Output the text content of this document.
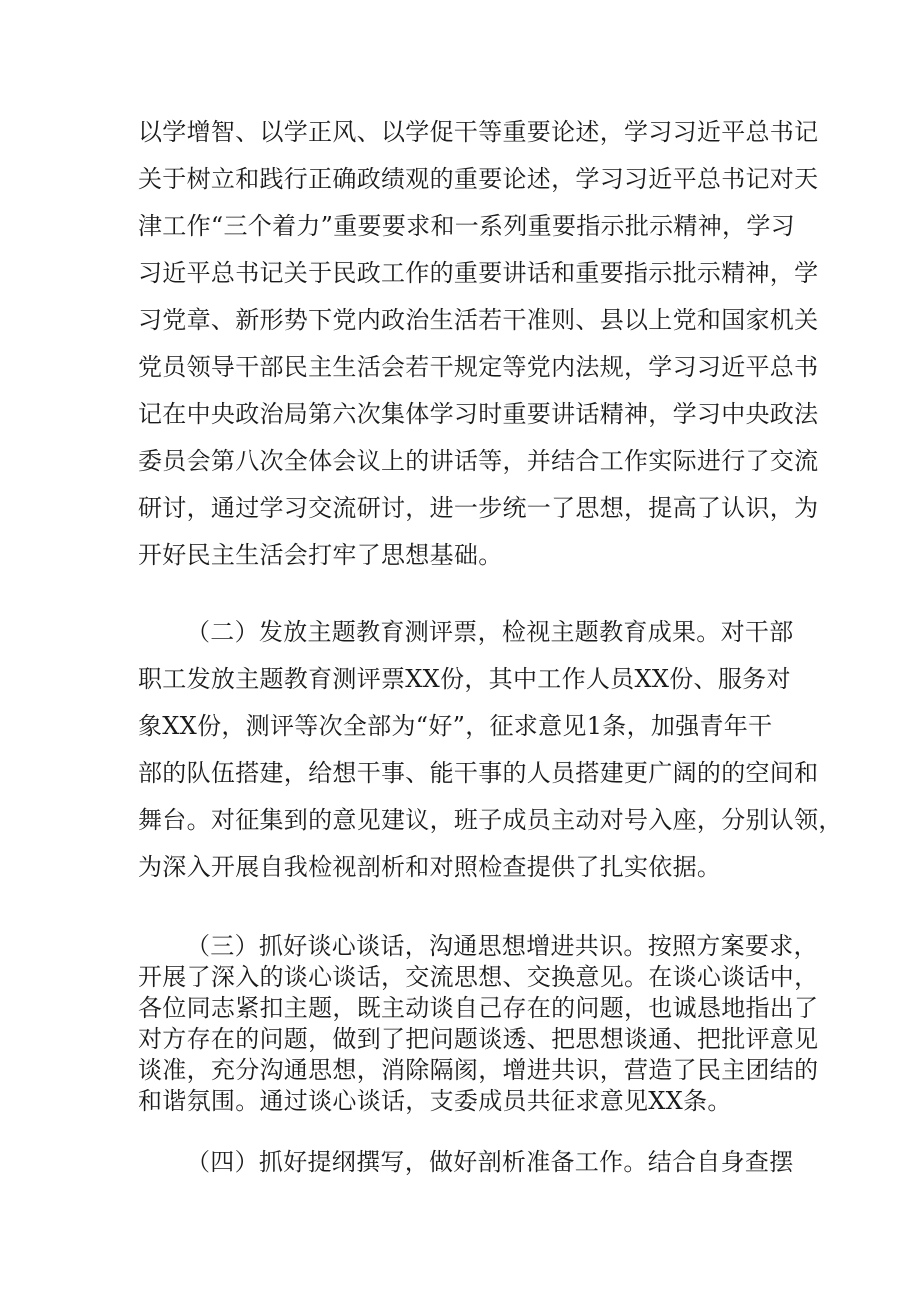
以学增智、以学正风、以学促干等重要论述，学习习近平总书记
关于树立和践行正确政绩观的重要论述，学习习近平总书记对天
津工作“三个着力”重要要求和一系列重要指示批示精神，学习
习近平总书记关于民政工作的重要讲话和重要指示批示精神，学
习党章、新形势下党内政治生活若干准则、县以上党和国家机关
党员领导干部民主生活会若干规定等党内法规，学习习近平总书
记在中央政治局第六次集体学习时重要讲话精神，学习中央政法
委员会第八次全体会议上的讲话等，并结合工作实际进行了交流
研讨，通过学习交流研讨，进一步统一了思想，提高了认识，为
开好民主生活会打牢了思想基础。
（二）发放主题教育测评票，检视主题教育成果。对干部
职工发放主题教育测评票XX份，其中工作人员XX份、服务对
象XX份，测评等次全部为“好”，征求意见1条，加强青年干
部的队伍搭建，给想干事、能干事的人员搭建更广阔的的空间和
舞台。对征集到的意见建议，班子成员主动对号入座，分别认领，
为深入开展自我检视剖析和对照检查提供了扎实依据。
（三）抓好谈心谈话，沟通思想增进共识。按照方案要求，
开展了深入的谈心谈话，交流思想、交换意见。在谈心谈话中，
各位同志紧扣主题，既主动谈自己存在的问题，也诚恳地指出了
对方存在的问题，做到了把问题谈透、把思想谈通、把批评意见
谈准，充分沟通思想，消除隔阂，增进共识，营造了民主团结的
和谐氛围。通过谈心谈话，支委成员共征求意见XX条。
（四）抓好提纲撰写，做好剖析准备工作。结合自身查摆
